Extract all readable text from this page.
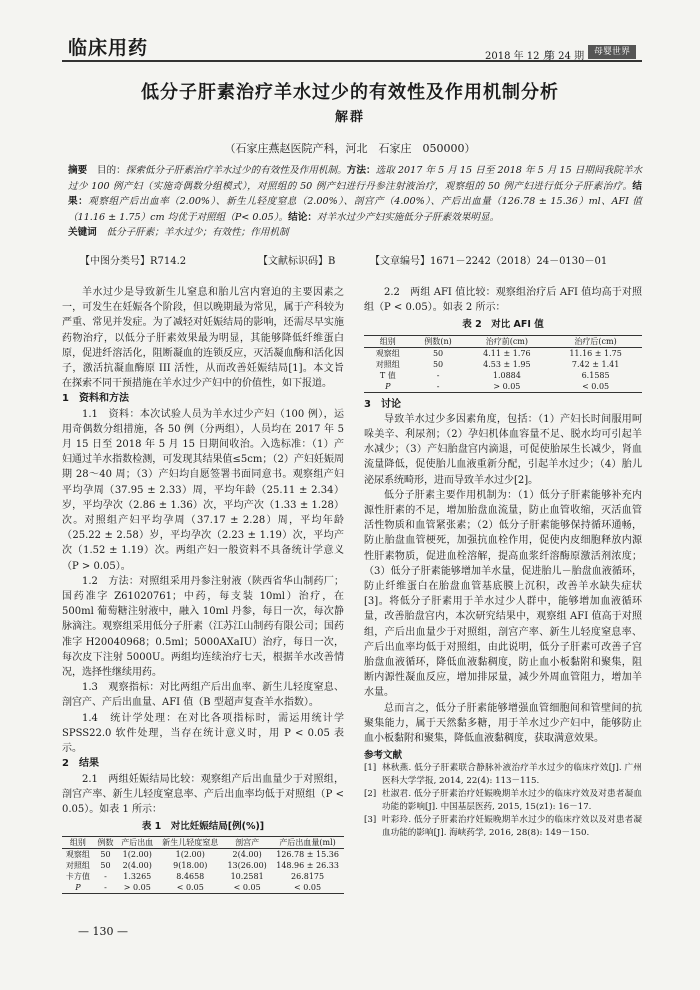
临床用药	2018 年 12 月
第 24 期	母婴世界
低分子肝素治疗羊水过少的有效性及作用机制分析
解群
（石家庄燕赵医院产科，河北　石家庄　050000）
摘要　 目的：探索低分子肝素治疗羊水过少的有效性及作用机制。方法：选取 2017 年 5 月 15 日至 2018 年 5 月 15 日期间我院羊水过少 100 例产妇（实施奇偶数分组模式），对照组的 50 例产妇进行丹参注射液治疗，观察组的 50 例产妇进行低分子肝素治疗。结果：观察组产后出血率（2.00%）、新生儿轻度窒息（2.00%）、剖宫产（4.00%）、产后出血量（126.78 ± 15.36）ml、AFI 值（11.16 ± 1.75）cm 均优于对照组（P< 0.05）。结论：对羊水过少产妇实施低分子肝素效果明显。
关键词　 低分子肝素；羊水过少；有效性；作用机制
【中图分类号】R714.2	【文献标识码】B	【文章编号】1671－2242（2018）24－0130－01

羊水过少是导致新生儿窒息和胎儿宫内窘迫的主要因素之一，可发生在妊娠各个阶段，但以晚期最为常见，属于产科较为严重、常见并发症。为了减轻对妊娠结局的影响，还需尽早实施药物治疗，以低分子肝素效果最为明显，其能够降低纤维蛋白原，促进纤溶活化，阻断凝血的连锁反应，灭活凝血酶和活化因子，激活抗凝血酶原 III 活性，从而改善妊娠结局[1]。本文旨在探索不同干预措施在羊水过少产妇中的价值性，如下报道。

1　资料和方法

1.1　资料：本次试验人员为羊水过少产妇（100 例），运用奇偶数分组措施，各 50 例（分两组），人员均在 2017 年 5 月 15 日至 2018 年 5 月 15 日期间收治。入选标准：（1）产妇通过羊水指数检测，可发现其结果值≤5cm；（2）产妇妊娠周期 28～40 周；（3）产妇均自愿签署书面同意书。观察组产妇平均孕周（37.95 ± 2.33）周，平均年龄（25.11 ± 2.34）岁，平均孕次（2.86 ± 1.36）次，平均产次（1.33 ± 1.28）次。对照组产妇平均孕周（37.17 ± 2.28）周，平均年龄（25.22 ± 2.58）岁，平均孕次（2.23 ± 1.19）次，平均产次（1.52 ± 1.19）次。两组产妇一般资料不具备统计学意义（P > 0.05）。

1.2　方法：对照组采用丹参注射液（陕西省华山制药厂；国药准字 Z61020761；中药，每支装 10ml）治疗，在 500ml 葡萄糖注射液中，融入 10ml 丹参，每日一次，每次静脉滴注。观察组采用低分子肝素（江苏江山制药有限公司；国药准字 H20040968；0.5ml；5000AXaIU）治疗，每日一次，每次皮下注射 5000U。两组均连续治疗七天，根据羊水改善情况，选择性继续用药。

1.3　观察指标：对比两组产后出血率、新生儿轻度窒息、剖宫产、产后出血量、AFI 值（B 型超声复查羊水指数）。

1.4　统计学处理：在对比各项指标时，需运用统计学 SPSS22.0 软件处理，当存在统计意义时，用 P < 0.05 表示。

2　结果

2.1　两组妊娠结局比较：观察组产后出血量少于对照组，剖宫产率、新生儿轻度窒息率、产后出血率均低于对照组（P < 0.05）。如表 1 所示：

表 1　对比妊娠结局[例(%)]
组别	例数	产后出血	新生儿轻度窒息	剖宫产	产后出血量(ml)
观察组	50	1(2.00)	1(2.00)	2(4.00)	126.78 ± 15.36
对照组	50	2(4.00)	9(18.00)	13(26.00)	148.96 ± 26.33
卡方值	-	1.3265	8.4658	10.2581	26.8175
P	-	> 0.05	< 0.05	< 0.05	< 0.05

2.2　两组 AFI 值比较：观察组治疗后 AFI 值均高于对照组（P < 0.05）。如表 2 所示：

表 2　对比 AFI 值
组别	例数(n)	治疗前(cm)	治疗后(cm)
观察组	50	4.11 ± 1.76	11.16 ± 1.75
对照组	50	4.53 ± 1.95	7.42 ± 1.41
T 值	-	1.0884	6.1585
P	-	> 0.05	< 0.05
3　讨论

导致羊水过少多因素角度，包括：（1）产妇长时间服用呵哚美辛、利尿剂；（2）孕妇机体血容量不足、脱水均可引起羊水减少；（3）产妇胎盘宫内滴退，可促使胎尿生长减少，肾血流量降低，促使胎儿血液重新分配，引起羊水过少；（4）胎儿泌尿系统畸形，进而导致羊水过少[2]。

低分子肝素主要作用机制为：（1）低分子肝素能够补充内源性肝素的不足，增加胎盘血流量，防止血管收缩，灭活血管活性物质和血管紧张素；（2）低分子肝素能够保持循环通畅，防止胎盘血管梗死，加强抗血栓作用，促使内皮细胞释放内源性肝素物质，促进血栓溶解，提高血浆纤溶酶原激活剂浓度；（3）低分子肝素能够增加羊水量，促进胎儿－胎盘血液循环，防止纤维蛋白在胎盘血管基底膜上沉积，改善羊水缺失症状[3]。将低分子肝素用于羊水过少人群中，能够增加血液循环量，改善胎盘宫内，本次研究结果中，观察组 AFI 值高于对照组，产后出血量少于对照组，剖宫产率、新生儿轻度窒息率、产后出血率均低于对照组，由此说明，低分子肝素可改善子宫胎盘血液循环，降低血液黏稠度，防止血小板黏附和聚集，阻断内源性凝血反应，增加排尿量，减少外周血管阻力，增加羊水量。

总而言之，低分子肝素能够增强血管细胞间和管壁间的抗聚集能力，属于天然黏多糖，用于羊水过少产妇中，能够防止血小板黏附和聚集，降低血液黏稠度，获取满意效果。

参考文献
[1] 林秋燕. 低分子肝素联合静脉补液治疗羊水过少的临床疗效[J]. 广州医科大学学报, 2014, 22(4): 113－115.
[2] 杜淑君. 低分子肝素治疗妊娠晚期羊水过少的临床疗效及对患者凝血功能的影响[J]. 中国基层医药, 2015, 15(z1): 16－17.
[3] 叶彩玲. 低分子肝素治疗妊娠晚期羊水过少的临床疗效以及对患者凝血功能的影响[J]. 海峡药学, 2016, 28(8): 149－150.
— 130 —
